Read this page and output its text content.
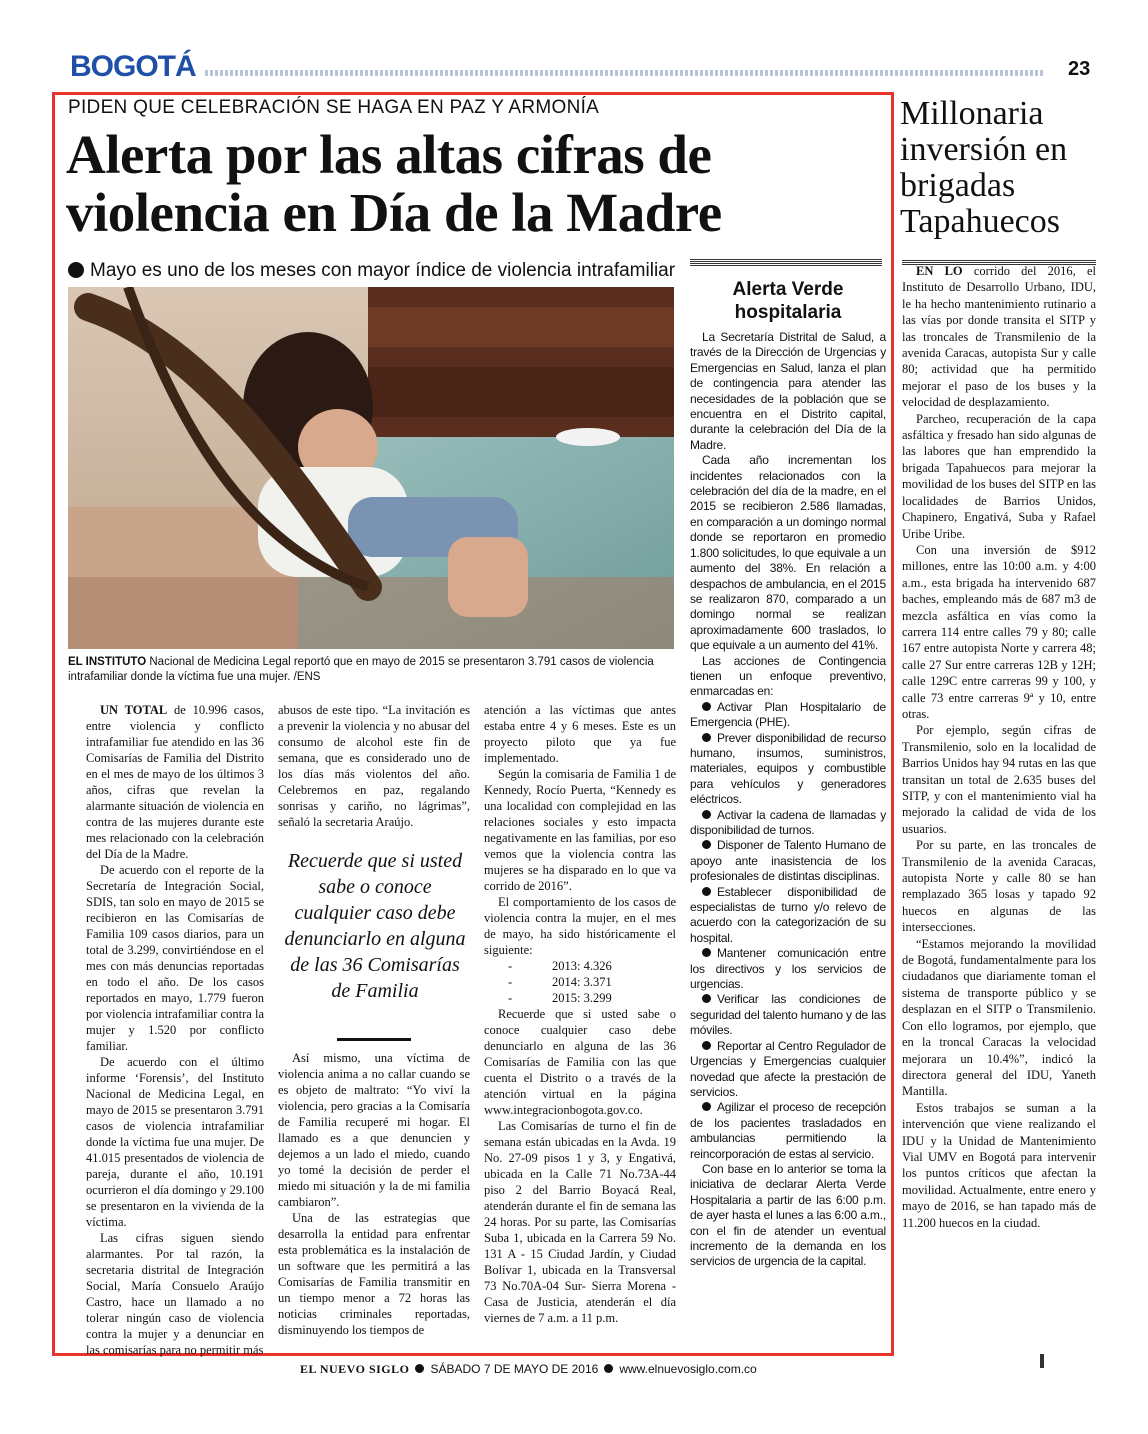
BOGOTÁ	23
PIDEN QUE CELEBRACIÓN SE HAGA EN PAZ Y ARMONÍA
Alerta por las altas cifras de violencia en Día de la Madre
Mayo es uno de los meses con mayor índice de violencia intrafamiliar
EL INSTITUTO Nacional de Medicina Legal reportó que en mayo de 2015 se presentaron 3.791 casos de violencia intrafamiliar donde la víctima fue una mujer. /ENS

UN TOTAL de 10.996 casos, entre violencia y conflicto intrafamiliar fue atendido en las 36 Comisarías de Familia del Distrito en el mes de mayo de los últimos 3 años, cifras que revelan la alarmante situación de violencia en contra de las mujeres durante este mes relacionado con la celebración del Día de la Madre.

De acuerdo con el reporte de la Secretaría de Integración Social, SDIS, tan solo en mayo de 2015 se recibieron en las Comisarías de Familia 109 casos diarios, para un total de 3.299, convirtiéndose en el mes con más denuncias reportadas en todo el año. De los casos reportados en mayo, 1.779 fueron por violencia intrafamiliar contra la mujer y 1.520 por conflicto familiar.

De acuerdo con el último informe ‘Forensis’, del Instituto Nacional de Medicina Legal, en mayo de 2015 se presentaron 3.791 casos de violencia intrafamiliar donde la víctima fue una mujer. De 41.015 presentados de violencia de pareja, durante el año, 10.191 ocurrieron el día domingo y 29.100 se presentaron en la vivienda de la víctima.

Las cifras siguen siendo alarmantes. Por tal razón, la secretaria distrital de Integración Social, María Consuelo Araújo Castro, hace un llamado a no tolerar ningún caso de violencia contra la mujer y a denunciar en las comisarías para no permitir más

abusos de este tipo. “La invitación es a prevenir la violencia y no abusar del consumo de alcohol este fin de semana, que es considerado uno de los días más violentos del año. Celebremos en paz, regalando sonrisas y cariño, no lágrimas”, señaló la secretaria Araújo.

Recuerde que si usted sabe o conoce cualquier caso debe denunciarlo en alguna de las 36 Comisarías de Familia

Así mismo, una víctima de violencia anima a no callar cuando se es objeto de maltrato: “Yo viví la violencia, pero gracias a la Comisaría de Familia recuperé mi hogar. El llamado es a que denuncien y dejemos a un lado el miedo, cuando yo tomé la decisión de perder el miedo mi situación y la de mi familia cambiaron”.

Una de las estrategias que desarrolla la entidad para enfrentar esta problemática es la instalación de un software que les permitirá a las Comisarías de Familia transmitir en un tiempo menor a 72 horas las noticias criminales reportadas, disminuyendo los tiempos de

atención a las víctimas que antes estaba entre 4 y 6 meses. Este es un proyecto piloto que ya fue implementado.

Según la comisaria de Familia 1 de Kennedy, Rocío Puerta, “Kennedy es una localidad con complejidad en las relaciones sociales y esto impacta negativamente en las familias, por eso vemos que la violencia contra las mujeres se ha disparado en lo que va corrido de 2016”.

El comportamiento de los casos de violencia contra la mujer, en el mes de mayo, ha sido históricamente el siguiente:

-	2013: 4.326
-	2014: 3.371
-	2015: 3.299

Recuerde que si usted sabe o conoce cualquier caso debe denunciarlo en alguna de las 36 Comisarías de Familia con las que cuenta el Distrito o a través de la atención virtual en la página www.integracionbogota.gov.co.

Las Comisarías de turno el fin de semana están ubicadas en la Avda. 19 No. 27-09 pisos 1 y 3, y Engativá, ubicada en la Calle 71 No.73A-44 piso 2 del Barrio Boyacá Real, atenderán durante el fin de semana las 24 horas. Por su parte, las Comisarías Suba 1, ubicada en la Carrera 59 No. 131 A - 15 Ciudad Jardín, y Ciudad Bolívar 1, ubicada en la Transversal 73 No.70A-04 Sur- Sierra Morena - Casa de Justicia, atenderán el día viernes de 7 a.m. a 11 p.m.

Alerta Verde hospitalaria

La Secretaría Distrital de Salud, a través de la Dirección de Urgencias y Emergencias en Salud, lanza el plan de contingencia para atender las necesidades de la población que se encuentra en el Distrito capital, durante la celebración del Día de la Madre.

Cada año incrementan los incidentes relacionados con la celebración del día de la madre, en el 2015 se recibieron 2.586 llamadas, en comparación a un domingo normal donde se reportaron en promedio 1.800 solicitudes, lo que equivale a un aumento del 38%. En relación a despachos de ambulancia, en el 2015 se realizaron 870, comparado a un domingo normal se realizan aproximadamente 600 traslados, lo que equivale a un aumento del 41%.

Las acciones de Contingencia tienen un enfoque preventivo, enmarcadas en:

Activar Plan Hospitalario de Emergencia (PHE).

Prever disponibilidad de recurso humano, insumos, suministros, materiales, equipos y combustible para vehículos y generadores eléctricos.

Activar la cadena de llamadas y disponibilidad de turnos.

Disponer de Talento Humano de apoyo ante inasistencia de los profesionales de distintas disciplinas.

Establecer disponibilidad de especialistas de turno y/o relevo de acuerdo con la categorización de su hospital.

Mantener comunicación entre los directivos y los servicios de urgencias.

Verificar las condiciones de seguridad del talento humano y de las móviles.

Reportar al Centro Regulador de Urgencias y Emergencias cualquier novedad que afecte la prestación de servicios.

Agilizar el proceso de recepción de los pacientes trasladados en ambulancias permitiendo la reincorporación de estas al servicio.

Con base en lo anterior se toma la iniciativa de declarar Alerta Verde Hospitalaria a partir de las 6:00 p.m. de ayer hasta el lunes a las 6:00 a.m., con el fin de atender un eventual incremento de la demanda en los servicios de urgencia de la capital.

Millonaria inversión en brigadas Tapahuecos

EN LO corrido del 2016, el Instituto de Desarrollo Urbano, IDU, le ha hecho mantenimiento rutinario a las vías por donde transita el SITP y las troncales de Transmilenio de la avenida Caracas, autopista Sur y calle 80; actividad que ha permitido mejorar el paso de los buses y la velocidad de desplazamiento.

Parcheo, recuperación de la capa asfáltica y fresado han sido algunas de las labores que han emprendido la brigada Tapahuecos para mejorar la movilidad de los buses del SITP en las localidades de Barrios Unidos, Chapinero, Engativá, Suba y Rafael Uribe Uribe.

Con una inversión de $912 millones, entre las 10:00 a.m. y 4:00 a.m., esta brigada ha intervenido 687 baches, empleando más de 687 m3 de mezcla asfáltica en vías como la carrera 114 entre calles 79 y 80; calle 167 entre autopista Norte y carrera 48; calle 27 Sur entre carreras 12B y 12H; calle 129C entre carreras 99 y 100, y calle 73 entre carreras 9ª y 10, entre otras.

Por ejemplo, según cifras de Transmilenio, solo en la localidad de Barrios Unidos hay 94 rutas en las que transitan un total de 2.635 buses del SITP, y con el mantenimiento vial ha mejorado la calidad de vida de los usuarios.

Por su parte, en las troncales de Transmilenio de la avenida Caracas, autopista Norte y calle 80 se han remplazado 365 losas y tapado 92 huecos en algunas de las intersecciones.

“Estamos mejorando la movilidad de Bogotá, fundamentalmente para los ciudadanos que diariamente toman el sistema de transporte público y se desplazan en el SITP o Transmilenio. Con ello logramos, por ejemplo, que en la troncal Caracas la velocidad mejorara un 10.4%”, indicó la directora general del IDU, Yaneth Mantilla.

Estos trabajos se suman a la intervención que viene realizando el IDU y la Unidad de Mantenimiento Vial UMV en Bogotá para intervenir los puntos críticos que afectan la movilidad. Actualmente, entre enero y mayo de 2016, se han tapado más de 11.200 huecos en la ciudad.

EL NUEVO SIGLO SÁBADO 7 DE MAYO DE 2016 www.elnuevosiglo.com.co
